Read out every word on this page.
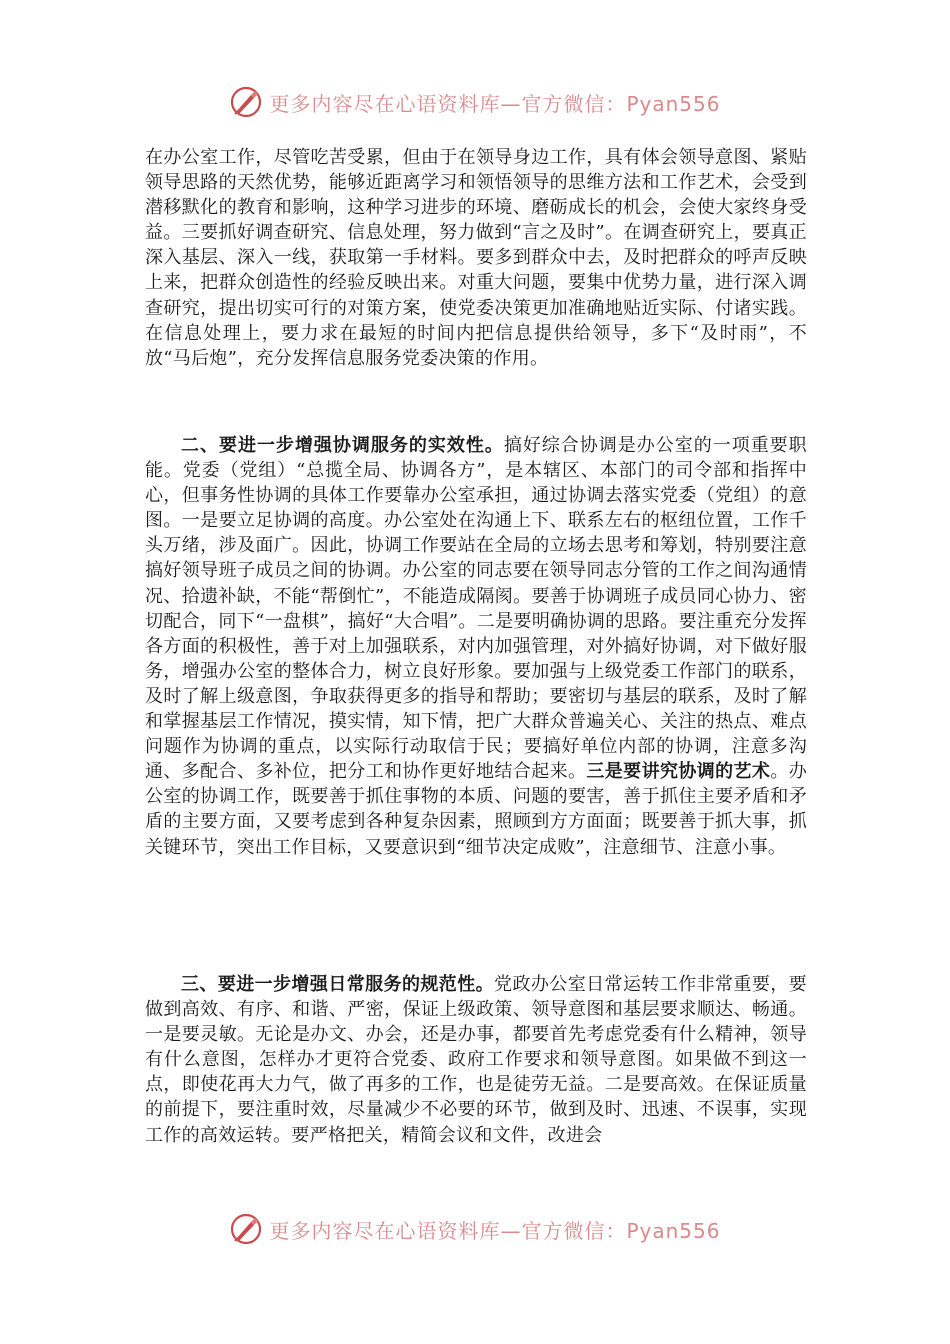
更多内容尽在心语资料库—官方微信：Pyan556

在办公室工作，尽管吃苦受累，但由于在领导身边工作，具有体会领导意图、紧贴领导思路的天然优势，能够近距离学习和领悟领导的思维方法和工作艺术，会受到潜移默化的教育和影响，这种学习进步的环境、磨砺成长的机会，会使大家终身受益。三要抓好调查研究、信息处理，努力做到“言之及时”。在调查研究上，要真正深入基层、深入一线，获取第一手材料。要多到群众中去，及时把群众的呼声反映上来，把群众创造性的经验反映出来。对重大问题，要集中优势力量，进行深入调查研究，提出切实可行的对策方案，使党委决策更加准确地贴近实际、付诸实践。在信息处理上，要力求在最短的时间内把信息提供给领导，多下“及时雨”，不放“马后炮”，充分发挥信息服务党委决策的作用。

二、要进一步增强协调服务的实效性。搞好综合协调是办公室的一项重要职能。党委（党组）“总揽全局、协调各方”，是本辖区、本部门的司令部和指挥中心，但事务性协调的具体工作要靠办公室承担，通过协调去落实党委（党组）的意图。一是要立足协调的高度。办公室处在沟通上下、联系左右的枢纽位置，工作千头万绪，涉及面广。因此，协调工作要站在全局的立场去思考和筹划，特别要注意搞好领导班子成员之间的协调。办公室的同志要在领导同志分管的工作之间沟通情况、拾遗补缺，不能“帮倒忙”，不能造成隔阂。要善于协调班子成员同心协力、密切配合，同下“一盘棋”，搞好“大合唱”。二是要明确协调的思路。要注重充分发挥各方面的积极性，善于对上加强联系，对内加强管理，对外搞好协调，对下做好服务，增强办公室的整体合力，树立良好形象。要加强与上级党委工作部门的联系，及时了解上级意图，争取获得更多的指导和帮助；要密切与基层的联系，及时了解和掌握基层工作情况，摸实情，知下情，把广大群众普遍关心、关注的热点、难点问题作为协调的重点，以实际行动取信于民；要搞好单位内部的协调，注意多沟通、多配合、多补位，把分工和协作更好地结合起来。三是要讲究协调的艺术。办公室的协调工作，既要善于抓住事物的本质、问题的要害，善于抓住主要矛盾和矛盾的主要方面，又要考虑到各种复杂因素，照顾到方方面面；既要善于抓大事，抓关键环节，突出工作目标，又要意识到“细节决定成败”，注意细节、注意小事。

三、要进一步增强日常服务的规范性。党政办公室日常运转工作非常重要，要做到高效、有序、和谐、严密，保证上级政策、领导意图和基层要求顺达、畅通。一是要灵敏。无论是办文、办会，还是办事，都要首先考虑党委有什么精神，领导有什么意图，怎样办才更符合党委、政府工作要求和领导意图。如果做不到这一点，即使花再大力气，做了再多的工作，也是徒劳无益。二是要高效。在保证质量的前提下，要注重时效，尽量减少不必要的环节，做到及时、迅速、不误事，实现工作的高效运转。要严格把关，精简会议和文件，改进会

更多内容尽在心语资料库—官方微信：Pyan556
